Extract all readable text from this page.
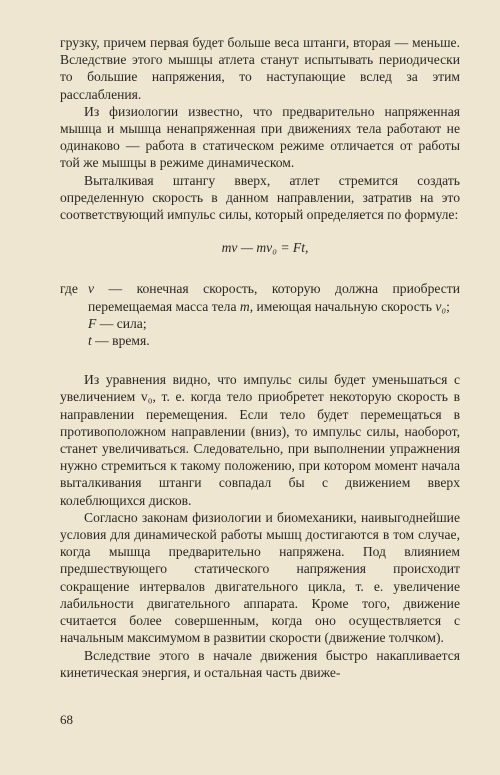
грузку, причем первая будет больше веса штанги, вторая — меньше. Вследствие этого мышцы атлета станут испытывать периодически то большие напряжения, то наступающие вслед за этим расслабления.

Из физиологии известно, что предварительно напряженная мышца и мышца ненапряженная при движениях тела работают не одинаково — работа в статическом режиме отличается от работы той же мышцы в режиме динамическом.

Выталкивая штангу вверх, атлет стремится создать определенную скорость в данном направлении, затратив на это соответствующий импульс силы, который определяется по формуле:

mv — mv₀ = Ft,
где v — конечная скорость, которую должна приобрести перемещаемая масса тела m, имеющая начальную скорость v₀;
F — сила;
t — время.

Из уравнения видно, что импульс силы будет уменьшаться с увеличением v₀, т. е. когда тело приобретет некоторую скорость в направлении перемещения. Если тело будет перемещаться в противоположном направлении (вниз), то импульс силы, наоборот, станет увеличиваться. Следовательно, при выполнении упражнения нужно стремиться к такому положению, при котором момент начала выталкивания штанги совпадал бы с движением вверх колеблющихся дисков.

Согласно законам физиологии и биомеханики, наивыгоднейшие условия для динамической работы мышц достигаются в том случае, когда мышца предварительно напряжена. Под влиянием предшествующего статического напряжения происходит сокращение интервалов двигательного цикла, т. е. увеличение лабильности двигательного аппарата. Кроме того, движение считается более совершенным, когда оно осуществляется с начальным максимумом в развитии скорости (движение толчком).

Вследствие этого в начале движения быстро накапливается кинетическая энергия, и остальная часть движе-

68
